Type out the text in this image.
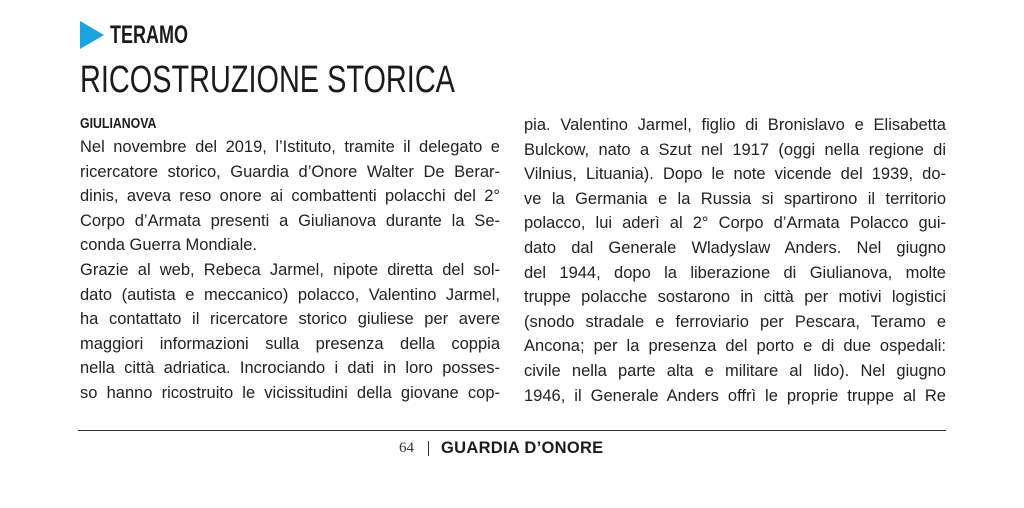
TERAMO
RICOSTRUZIONE STORICA
GIULIANOVA
Nel novembre del 2019, l’Istituto, tramite il delegato e
ricercatore storico, Guardia d’Onore Walter De Berar-
dinis, aveva reso onore ai combattenti polacchi del 2°
Corpo d’Armata presenti a Giulianova durante la Se-
conda Guerra Mondiale.
Grazie al web, Rebeca Jarmel, nipote diretta del sol-
dato (autista e meccanico) polacco, Valentino Jarmel,
ha contattato il ricercatore storico giuliese per avere
maggiori informazioni sulla presenza della coppia
nella città adriatica. Incrociando i dati in loro posses-
so hanno ricostruito le vicissitudini della giovane cop-
pia. Valentino Jarmel, figlio di Bronislavo e Elisabetta
Bulckow, nato a Szut nel 1917 (oggi nella regione di
Vilnius, Lituania). Dopo le note vicende del 1939, do-
ve la Germania e la Russia si spartirono il territorio
polacco, lui aderì al 2° Corpo d’Armata Polacco gui-
dato dal Generale Wladyslaw Anders. Nel giugno
del 1944, dopo la liberazione di Giulianova, molte
truppe polacche sostarono in città per motivi logistici
(snodo stradale e ferroviario per Pescara, Teramo e
Ancona; per la presenza del porto e di due ospedali:
civile nella parte alta e militare al lido). Nel giugno
1946, il Generale Anders offrì le proprie truppe al Re
64 GUARDIA D’ONORE
